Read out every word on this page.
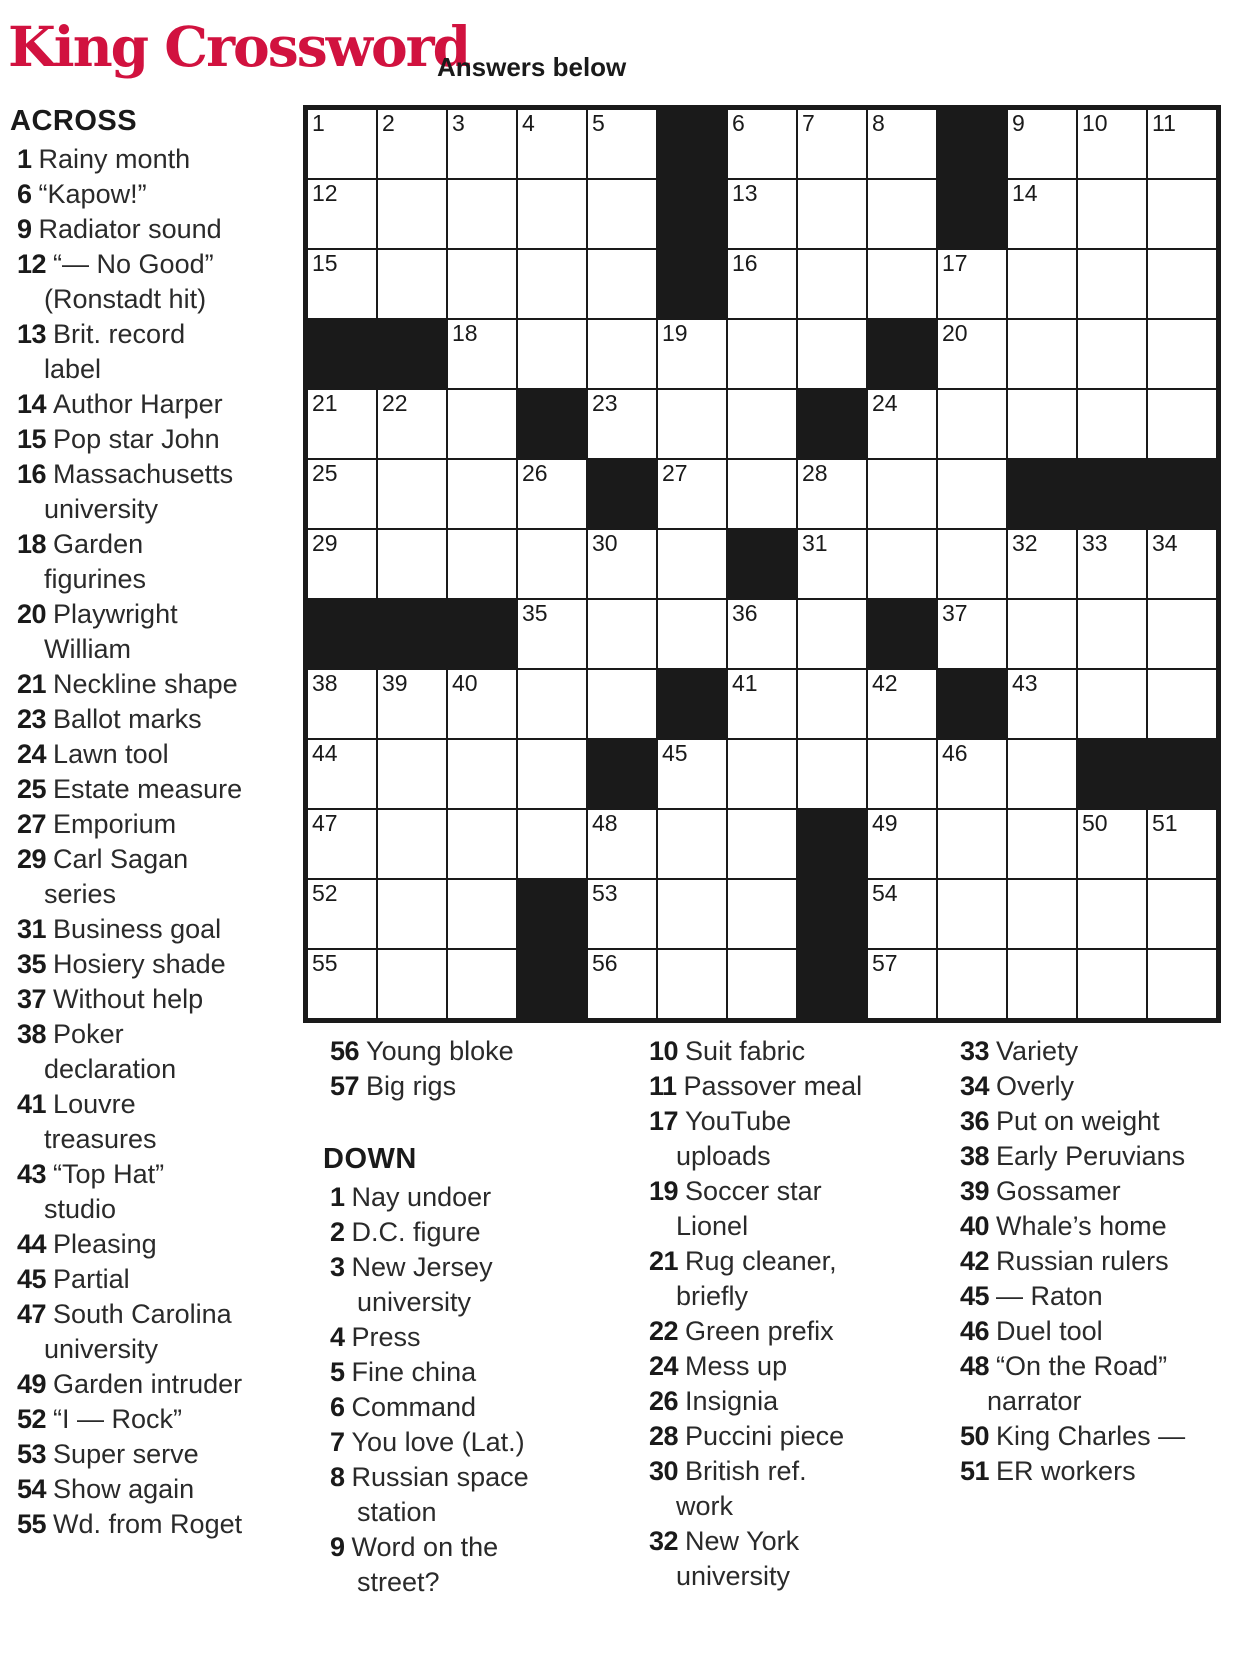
King Crossword
Answers below
1 2 3 4 5	6 7 8	9 10 11
12	13	14
15	16	17
18	19	20
21 22	23	24
25	26	27	28
29	30	31	32 33 34
35	36	37
38 39 40	41	42	43
44	45	46
47	48	49	50 51
52	53	54
55	56	57
ACROSS
1 Rainy month
6 “Kapow!”
9 Radiator sound
12 “— No Good”
(Ronstadt hit)
13 Brit. record
label
14 Author Harper
15 Pop star John
16 Massachusetts
university
18 Garden
figurines
20 Playwright
William
21 Neckline shape
23 Ballot marks
24 Lawn tool
25 Estate measure
27 Emporium
29 Carl Sagan
series
31 Business goal
35 Hosiery shade
37 Without help
38 Poker
declaration
41 Louvre
treasures
43 “Top Hat”
studio
44 Pleasing
45 Partial
47 South Carolina
university
49 Garden intruder
52 “I — Rock”
53 Super serve
54 Show again
55 Wd. from Roget
56 Young bloke
57 Big rigs
DOWN
1 Nay undoer
2 D.C. figure
3 New Jersey
university
4 Press
5 Fine china
6 Command
7 You love (Lat.)
8 Russian space
station
9 Word on the
street?
10 Suit fabric
11 Passover meal
17 YouTube
uploads
19 Soccer star
Lionel
21 Rug cleaner,
briefly
22 Green prefix
24 Mess up
26 Insignia
28 Puccini piece
30 British ref.
work
32 New York
university
33 Variety
34 Overly
36 Put on weight
38 Early Peruvians
39 Gossamer
40 Whale’s home
42 Russian rulers
45 — Raton
46 Duel tool
48 “On the Road”
narrator
50 King Charles —
51 ER workers
